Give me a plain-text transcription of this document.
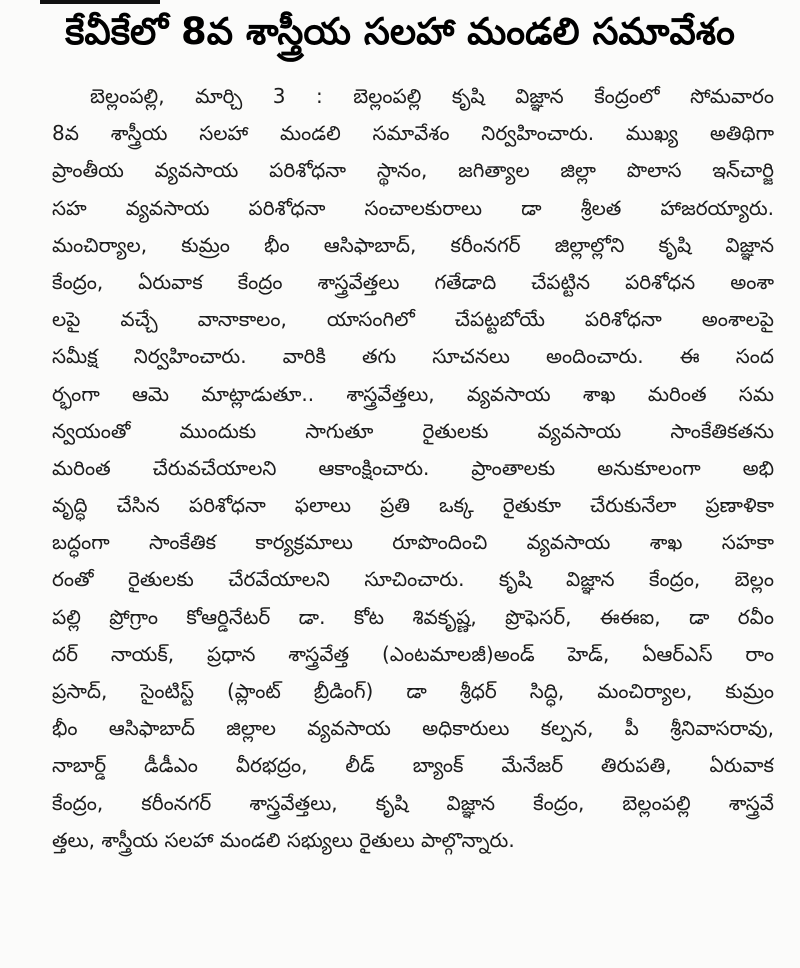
కేవీకేలో 8వ శాస్త్రీయ సలహా మండలి సమావేశం
బెల్లంపల్లి, మార్చి 3 : బెల్లంపల్లి కృషి విజ్ఞాన కేంద్రంలో సోమవారం
8వ శాస్త్రీయ సలహా మండలి సమావేశం నిర్వహించారు. ముఖ్య అతిథిగా
ప్రాంతీయ వ్యవసాయ పరిశోధనా స్థానం, జగిత్యాల జిల్లా పొలాస ఇన్‌చార్జి
సహ వ్యవసాయ పరిశోధనా సంచాలకురాలు డా శ్రీలత హాజరయ్యారు.
మంచిర్యాల, కుమ్రం భీం ఆసిఫాబాద్, కరీంనగర్ జిల్లాల్లోని కృషి విజ్ఞాన
కేంద్రం, ఏరువాక కేంద్రం శాస్త్రవేత్తలు గతేడాది చేపట్టిన పరిశోధన అంశా
లపై వచ్చే వానాకాలం, యాసంగిలో చేపట్టబోయే పరిశోధనా అంశాలపై
సమీక్ష నిర్వహించారు. వారికి తగు సూచనలు అందించారు. ఈ సంద
ర్భంగా ఆమె మాట్లాడుతూ.. శాస్త్రవేత్తలు, వ్యవసాయ శాఖ మరింత సమ
న్వయంతో ముందుకు సాగుతూ రైతులకు వ్యవసాయ సాంకేతికతను
మరింత చేరువచేయాలని ఆకాంక్షించారు. ప్రాంతాలకు అనుకూలంగా అభి
వృద్ధి చేసిన పరిశోధనా ఫలాలు ప్రతి ఒక్క రైతుకూ చేరుకునేలా ప్రణాళికా
బద్ధంగా సాంకేతిక కార్యక్రమాలు రూపొందించి వ్యవసాయ శాఖ సహకా
రంతో రైతులకు చేరవేయాలని సూచించారు. కృషి విజ్ఞాన కేంద్రం, బెల్లం
పల్లి ప్రోగ్రాం కోఆర్డినేటర్ డా. కోట శివకృష్ణ, ప్రొఫెసర్, ఈఈఐ, డా రవీం
దర్ నాయక్, ప్రధాన శాస్త్రవేత్త (ఎంటమాలజీ)అండ్ హెడ్, ఏఆర్ఎస్ రాం
ప్రసాద్, సైంటిస్ట్ (ప్లాంట్ బ్రీడింగ్) డా శ్రీధర్ సిద్ధి, మంచిర్యాల, కుమ్రం
భీం ఆసిఫాబాద్ జిల్లాల వ్యవసాయ అధికారులు కల్పన, పీ శ్రీనివాసరావు,
నాబార్డ్ డీడీఎం వీరభద్రం, లీడ్ బ్యాంక్ మేనేజర్ తిరుపతి, ఏరువాక
కేంద్రం, కరీంనగర్ శాస్త్రవేత్తలు, కృషి విజ్ఞాన కేంద్రం, బెల్లంపల్లి శాస్త్రవే
త్తలు, శాస్త్రీయ సలహా మండలి సభ్యులు రైతులు పాల్గొన్నారు.
